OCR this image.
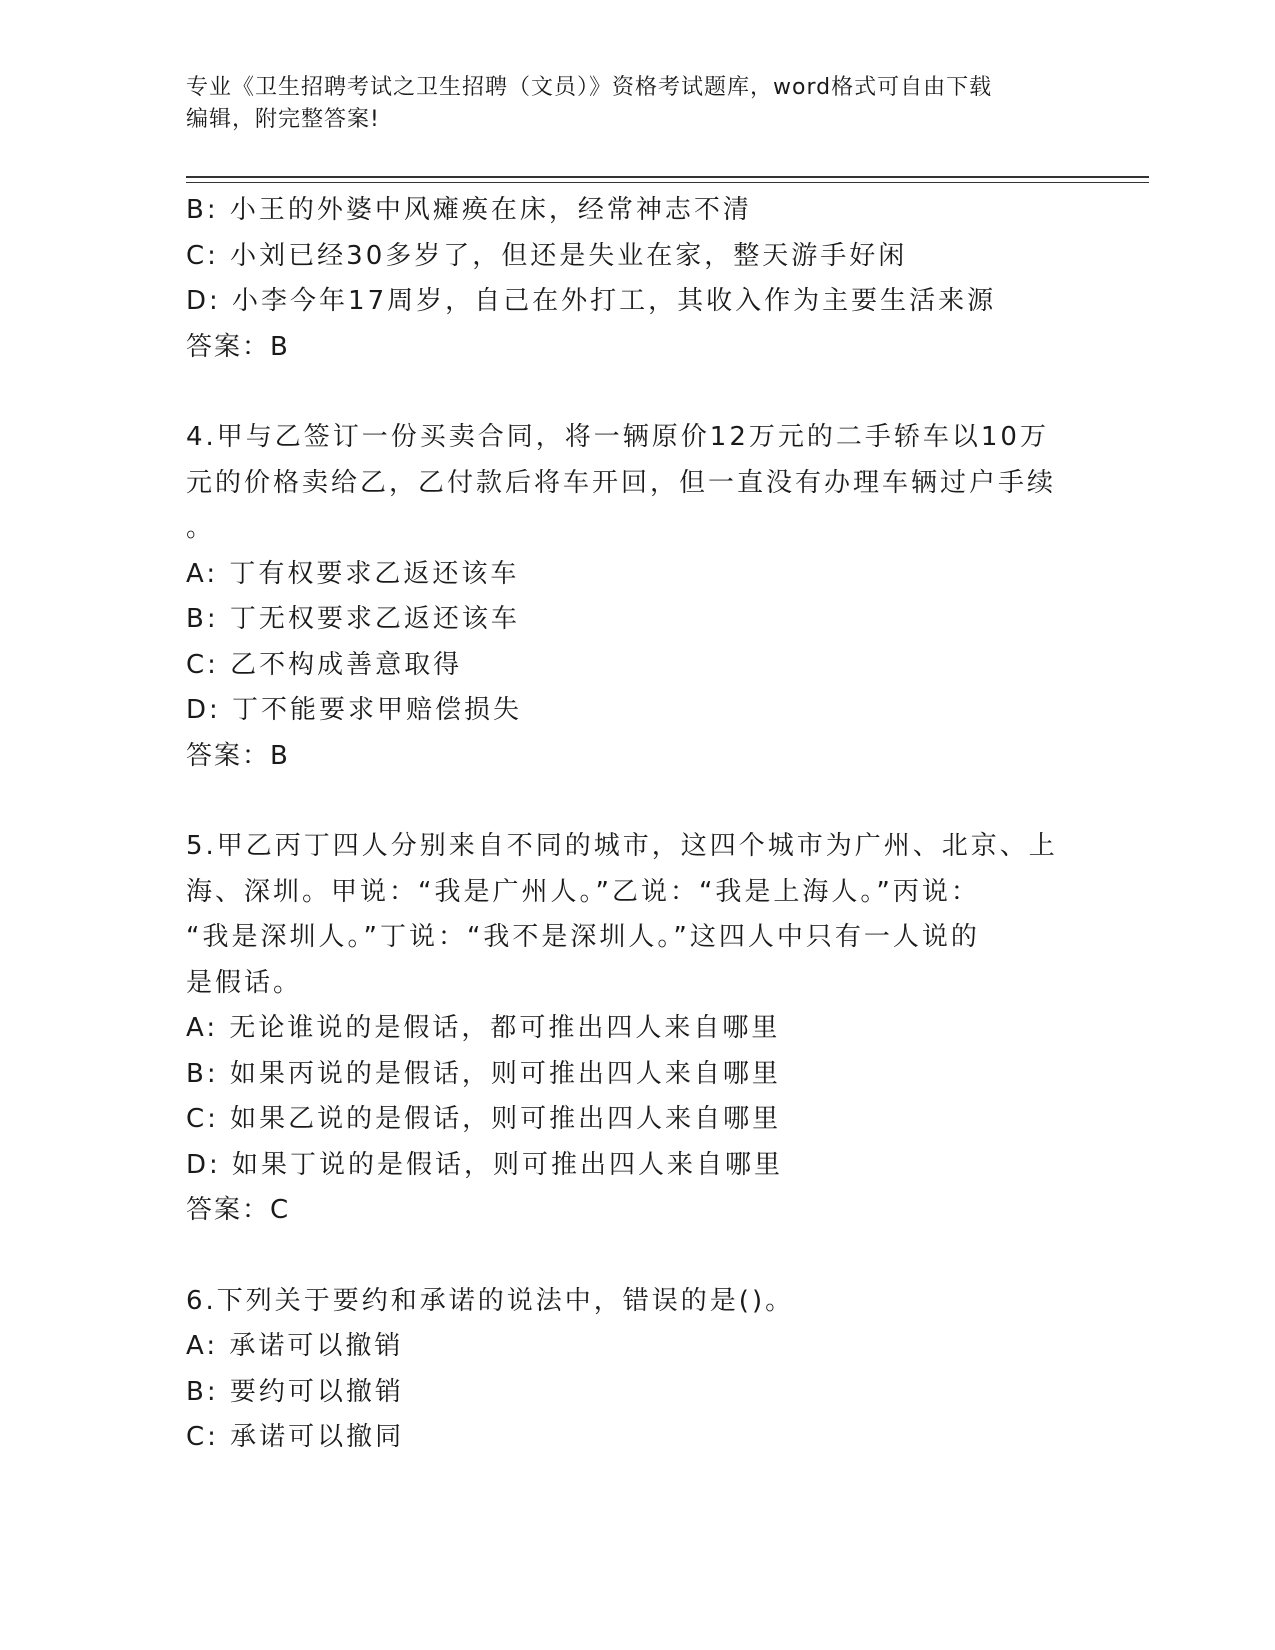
专业《卫生招聘考试之卫生招聘（文员）》资格考试题库，word格式可自由下载
编辑，附完整答案!
B: 小王的外婆中风瘫痪在床，经常神志不清
C: 小刘已经30多岁了，但还是失业在家，整天游手好闲
D: 小李今年17周岁，自己在外打工，其收入作为主要生活来源
答案：B
4.甲与乙签订一份买卖合同，将一辆原价12万元的二手轿车以10万
元的价格卖给乙，乙付款后将车开回，但一直没有办理车辆过户手续
。
A: 丁有权要求乙返还该车
B: 丁无权要求乙返还该车
C: 乙不构成善意取得
D: 丁不能要求甲赔偿损失
答案：B
5.甲乙丙丁四人分别来自不同的城市，这四个城市为广州、北京、上
海、深圳。甲说：“我是广州人。”乙说：“我是上海人。”丙说：
“我是深圳人。”丁说：“我不是深圳人。”这四人中只有一人说的
是假话。
A: 无论谁说的是假话，都可推出四人来自哪里
B: 如果丙说的是假话，则可推出四人来自哪里
C: 如果乙说的是假话，则可推出四人来自哪里
D: 如果丁说的是假话，则可推出四人来自哪里
答案：C
6.下列关于要约和承诺的说法中，错误的是()。
A: 承诺可以撤销
B: 要约可以撤销
C: 承诺可以撤同
